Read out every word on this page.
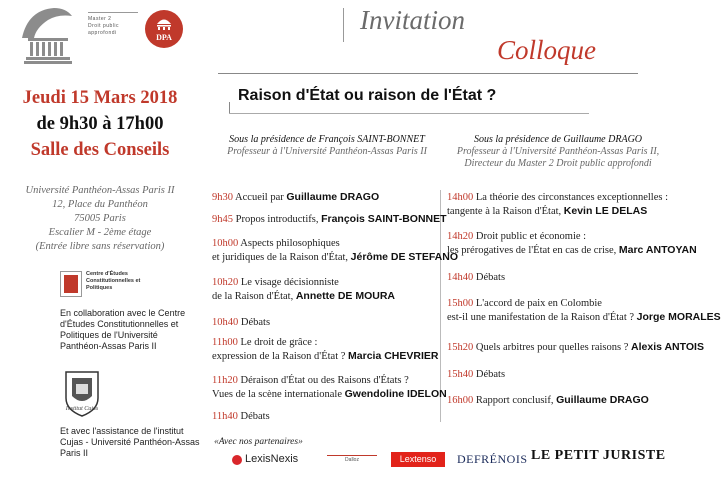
Master 2
Droit public
approfondi	DPA
Invitation
Colloque
Jeudi 15 Mars 2018
de 9h30 à 17h00
Salle des Conseils
Université Panthéon-Assas Paris II
12, Place du Panthéon
75005 Paris
Escalier M - 2ème étage
(Entrée libre sans réservation)
Centre d'Études Constitutionnelles et Politiques
En collaboration avec le Centre d'Études Constitutionnelles et Politiques de l'Université Panthéon-Assas Paris II
Institut Cujas
Et avec l'assistance de l'institut Cujas - Université Panthéon-Assas Paris II
Raison d'État ou raison de l'État ?
Sous la présidence de François SAINT-BONNET
Professeur à l'Université Panthéon-Assas Paris II
Sous la présidence de Guillaume DRAGO
Professeur à l'Université Panthéon-Assas Paris II,
Directeur du Master 2 Droit public approfondi
9h30 Accueil par Guillaume DRAGO
9h45 Propos introductifs, François SAINT-BONNET
10h00 Aspects philosophiques
et juridiques de la Raison d'État, Jérôme DE STEFANO
10h20 Le visage décisionniste
de la Raison d'État, Annette DE MOURA
10h40 Débats
11h00 Le droit de grâce :
expression de la Raison d'État ? Marcia CHEVRIER
11h20 Déraison d'État ou des Raisons d'États ?
Vues de la scène internationale Gwendoline IDELON
11h40 Débats
14h00 La théorie des circonstances exceptionnelles :
tangente à la Raison d'État, Kevin LE DELAS
14h20 Droit public et économie :
les prérogatives de l'État en cas de crise, Marc ANTOYAN
14h40 Débats
15h00 L'accord de paix en Colombie
est-il une manifestation de la Raison d'État ? Jorge MORALES
15h20 Quels arbitres pour quelles raisons ? Alexis ANTOIS
15h40 Débats
16h00 Rapport conclusif, Guillaume DRAGO
«Avec nos partenaires»
LexisNexis	Dalloz	Lextenso	DEFRÉNOIS LE PETIT JURISTE
